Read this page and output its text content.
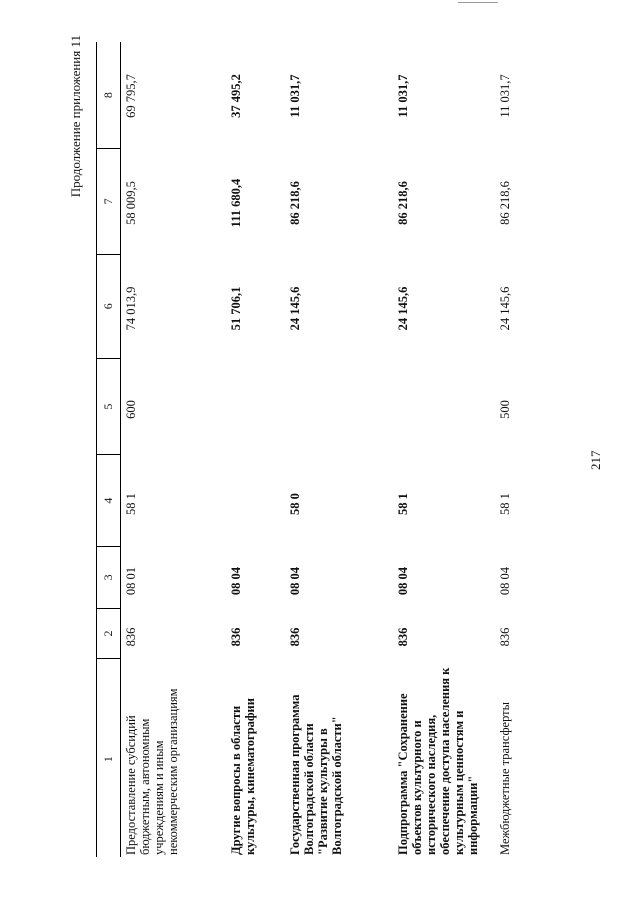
217
Продолжение приложения 11
1
2
3
4
5
6
7
8
Предоставление субсидий бюджетным, автономным учреждениям и иным некоммерческим организациям
836
08 01
58 1
600
74 013,9
58 009,5
69 795,7
Другие вопросы в области культуры, кинематографии
836
08 04
51 706,1
111 680,4
37 495,2
Государственная программа Волгоградской области "Развитие культуры в Волгоградской области"
836
08 04
58 0
24 145,6
86 218,6
11 031,7
Подпрограмма "Сохранение объектов культурного и исторического наследия, обеспечение доступа населения к культурным ценностям и информации"
836
08 04
58 1
24 145,6
86 218,6
11 031,7
Межбюджетные трансферты
836
08 04
58 1
500
24 145,6
86 218,6
11 031,7
